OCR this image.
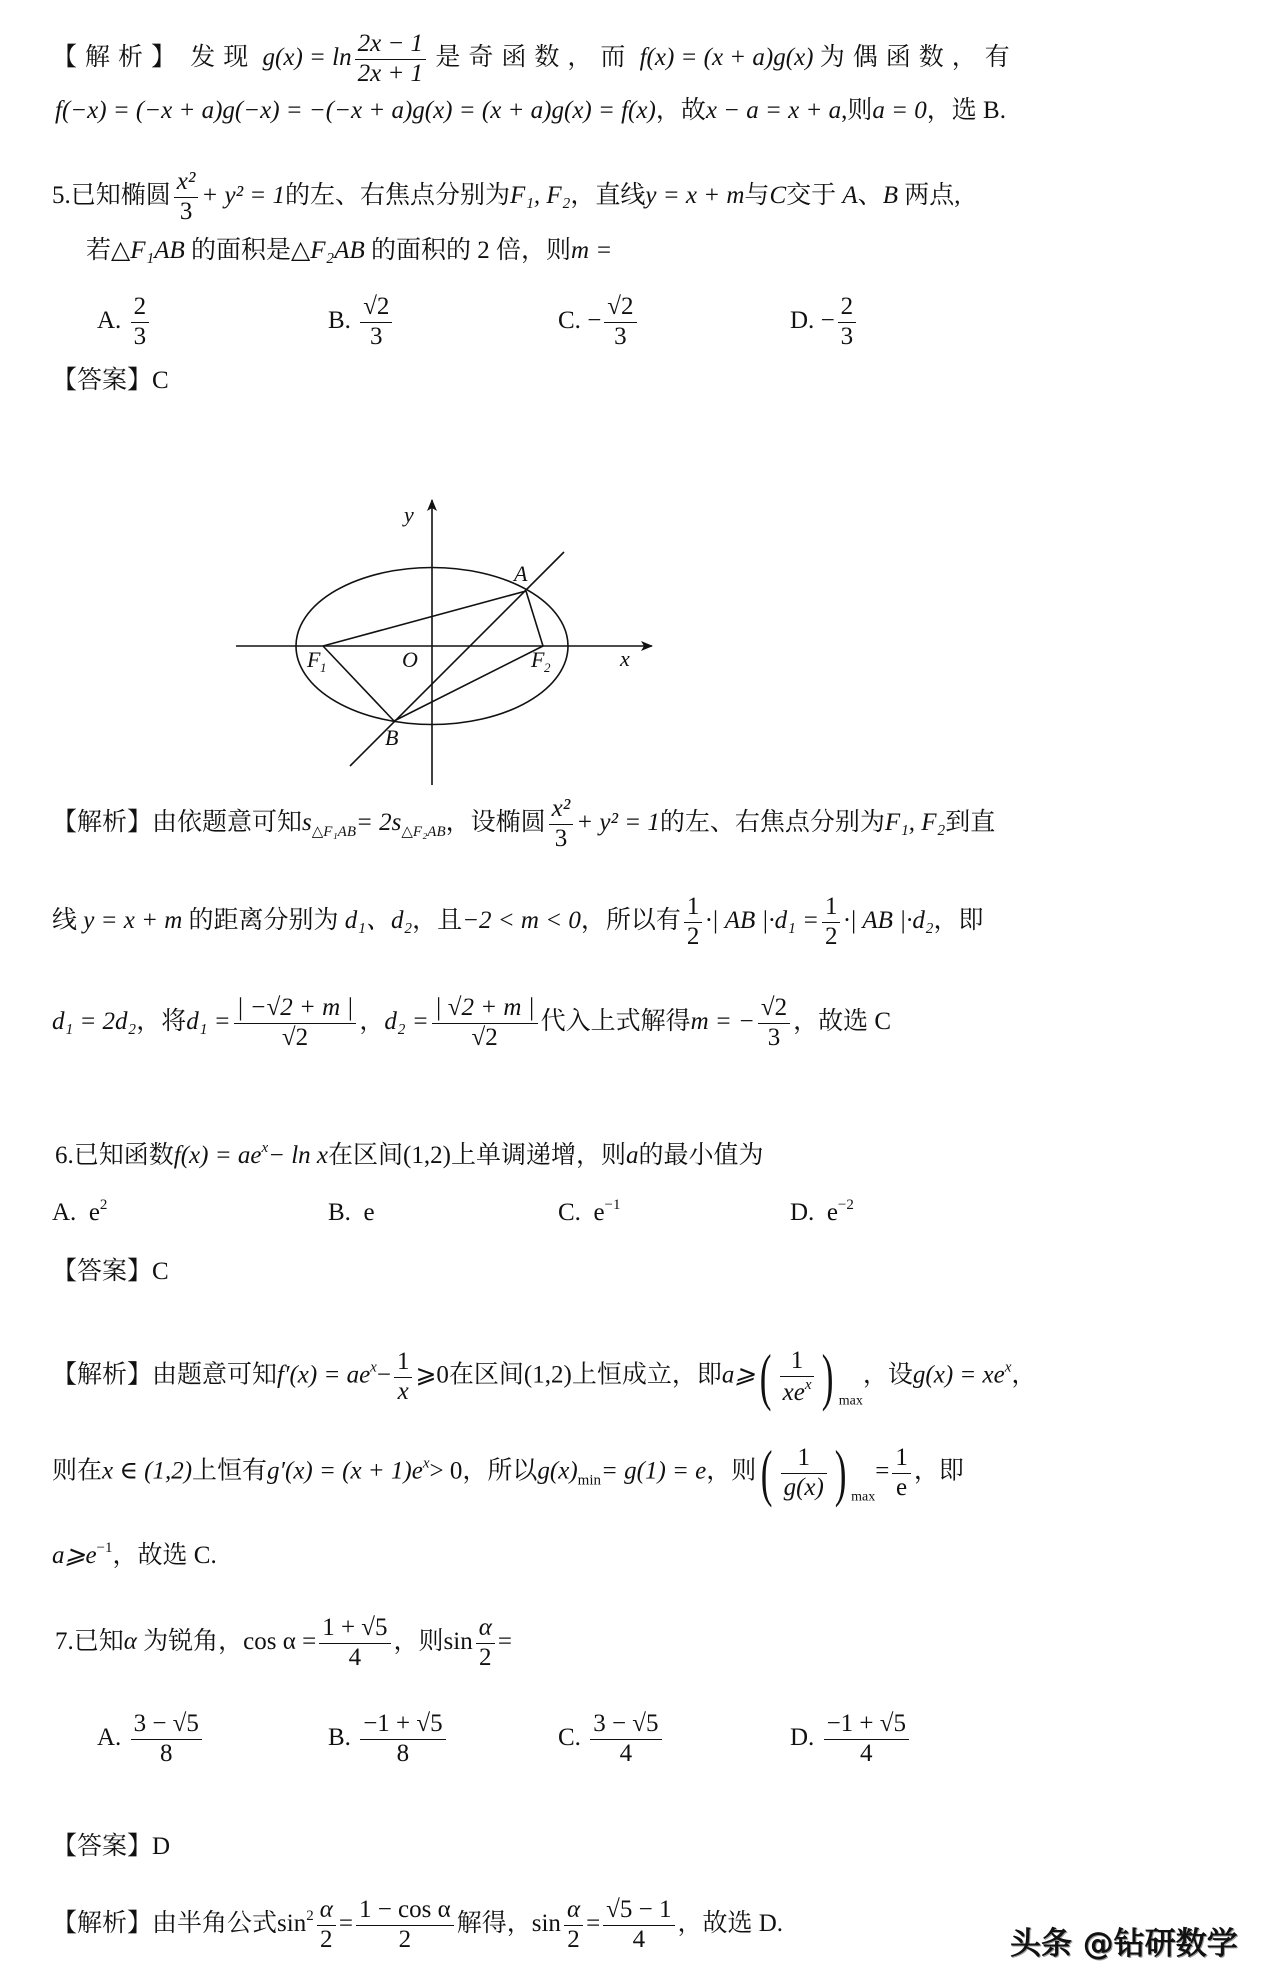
【解析】 发现 $g(x) = \ln \frac{2x - 1}{2x + 1}$ 是奇函数，而 f(x) = (x + a)g(x) 为偶函数，有
f(−x) = (−x + a)g(−x) = −(−x + a)g(x) = (x + a)g(x) = f(x)，故x − a = x + a,则a = 0，选 B.
5.已知椭圆 $\frac{\text{x²}}{3} + y^2 = 1$的左、右焦点分别为F₁, F₂，直线y = x + m与C交于 A、B 两点,
若△F₁AB 的面积是△F₂AB 的面积的 2 倍，则m =
A. $\frac{2}{3}$	B. $\frac{√2}{3}$	C. − $\frac{√2}{3}$	D. − $\frac{2}{3}$
【答案】C
y
x
O
A
B
F 1	F 2
【解析】由依题意可知$s_{\triangle F_1AB}= 2s_{\triangle F_2AB}$，设椭圆 $\frac{\text{x²}}{3} + y^2 = 1$的左、右焦点分别为F₁, F₂到直
线 y = x + m 的距离分别为 d₁、d₂，且−2 < m < 0，所以有 $\frac{1}{2}$ ·| AB $|\cdot d_1 = \frac{1}{2}$ ·| AB |·d₂，即
d₁ = 2d₂，将$d_1 = \frac{| -√2 + m |}{√2}$ ，$d_2 = \frac{| √2 + m |}{√2}$ 代入上式解得m = − $\frac{√2}{3}$ ，故选 C
6.已知函数$f(x) = ae^x- \ln x$在区间(1,2)上单调递增，则a的最小值为
A. $e^2$	B. e	C. $e^{-1}$	D. $e^{-2}$
【答案】C
【解析】由题意可知$f'(x) = ae^x- \frac{1}{x}$ ⩾0在区间(1,2)上恒成立，即a⩾( $\frac{1}{xe^x}$ ) $_{max}$，设$g(x) = xe^x$，
则在x ∈ (1,2)上恒有$g'(x) = (x + 1)e^x> 0$，所以$g(x)_{min}= g(1) = e$，则( $\frac{1}{g(x)}$ ) $_{max}= \frac{1}{e}$ ，即
$a⩾e^{-1}$，故选 C.
7.已知α 为锐角，$\cos \alpha = \frac{1 + √5}{4}$ ，则$\sin \frac{\alpha}{2}$ =
A. $\frac{3 - √5}{8}$	B. $\frac{-1 + √5}{8}$	C. $\frac{3 - √5}{4}$	D. $\frac{-1 + √5}{4}$
【答案】D
【解析】由半角公式$\sin^2 \frac{\alpha}{2} = \frac{\text{1 − cos α}}{2}$ 解得，$\sin \frac{\alpha}{2} = \frac{√5 - 1}{4}$ ，故选 D.
头条 @钻研数学
